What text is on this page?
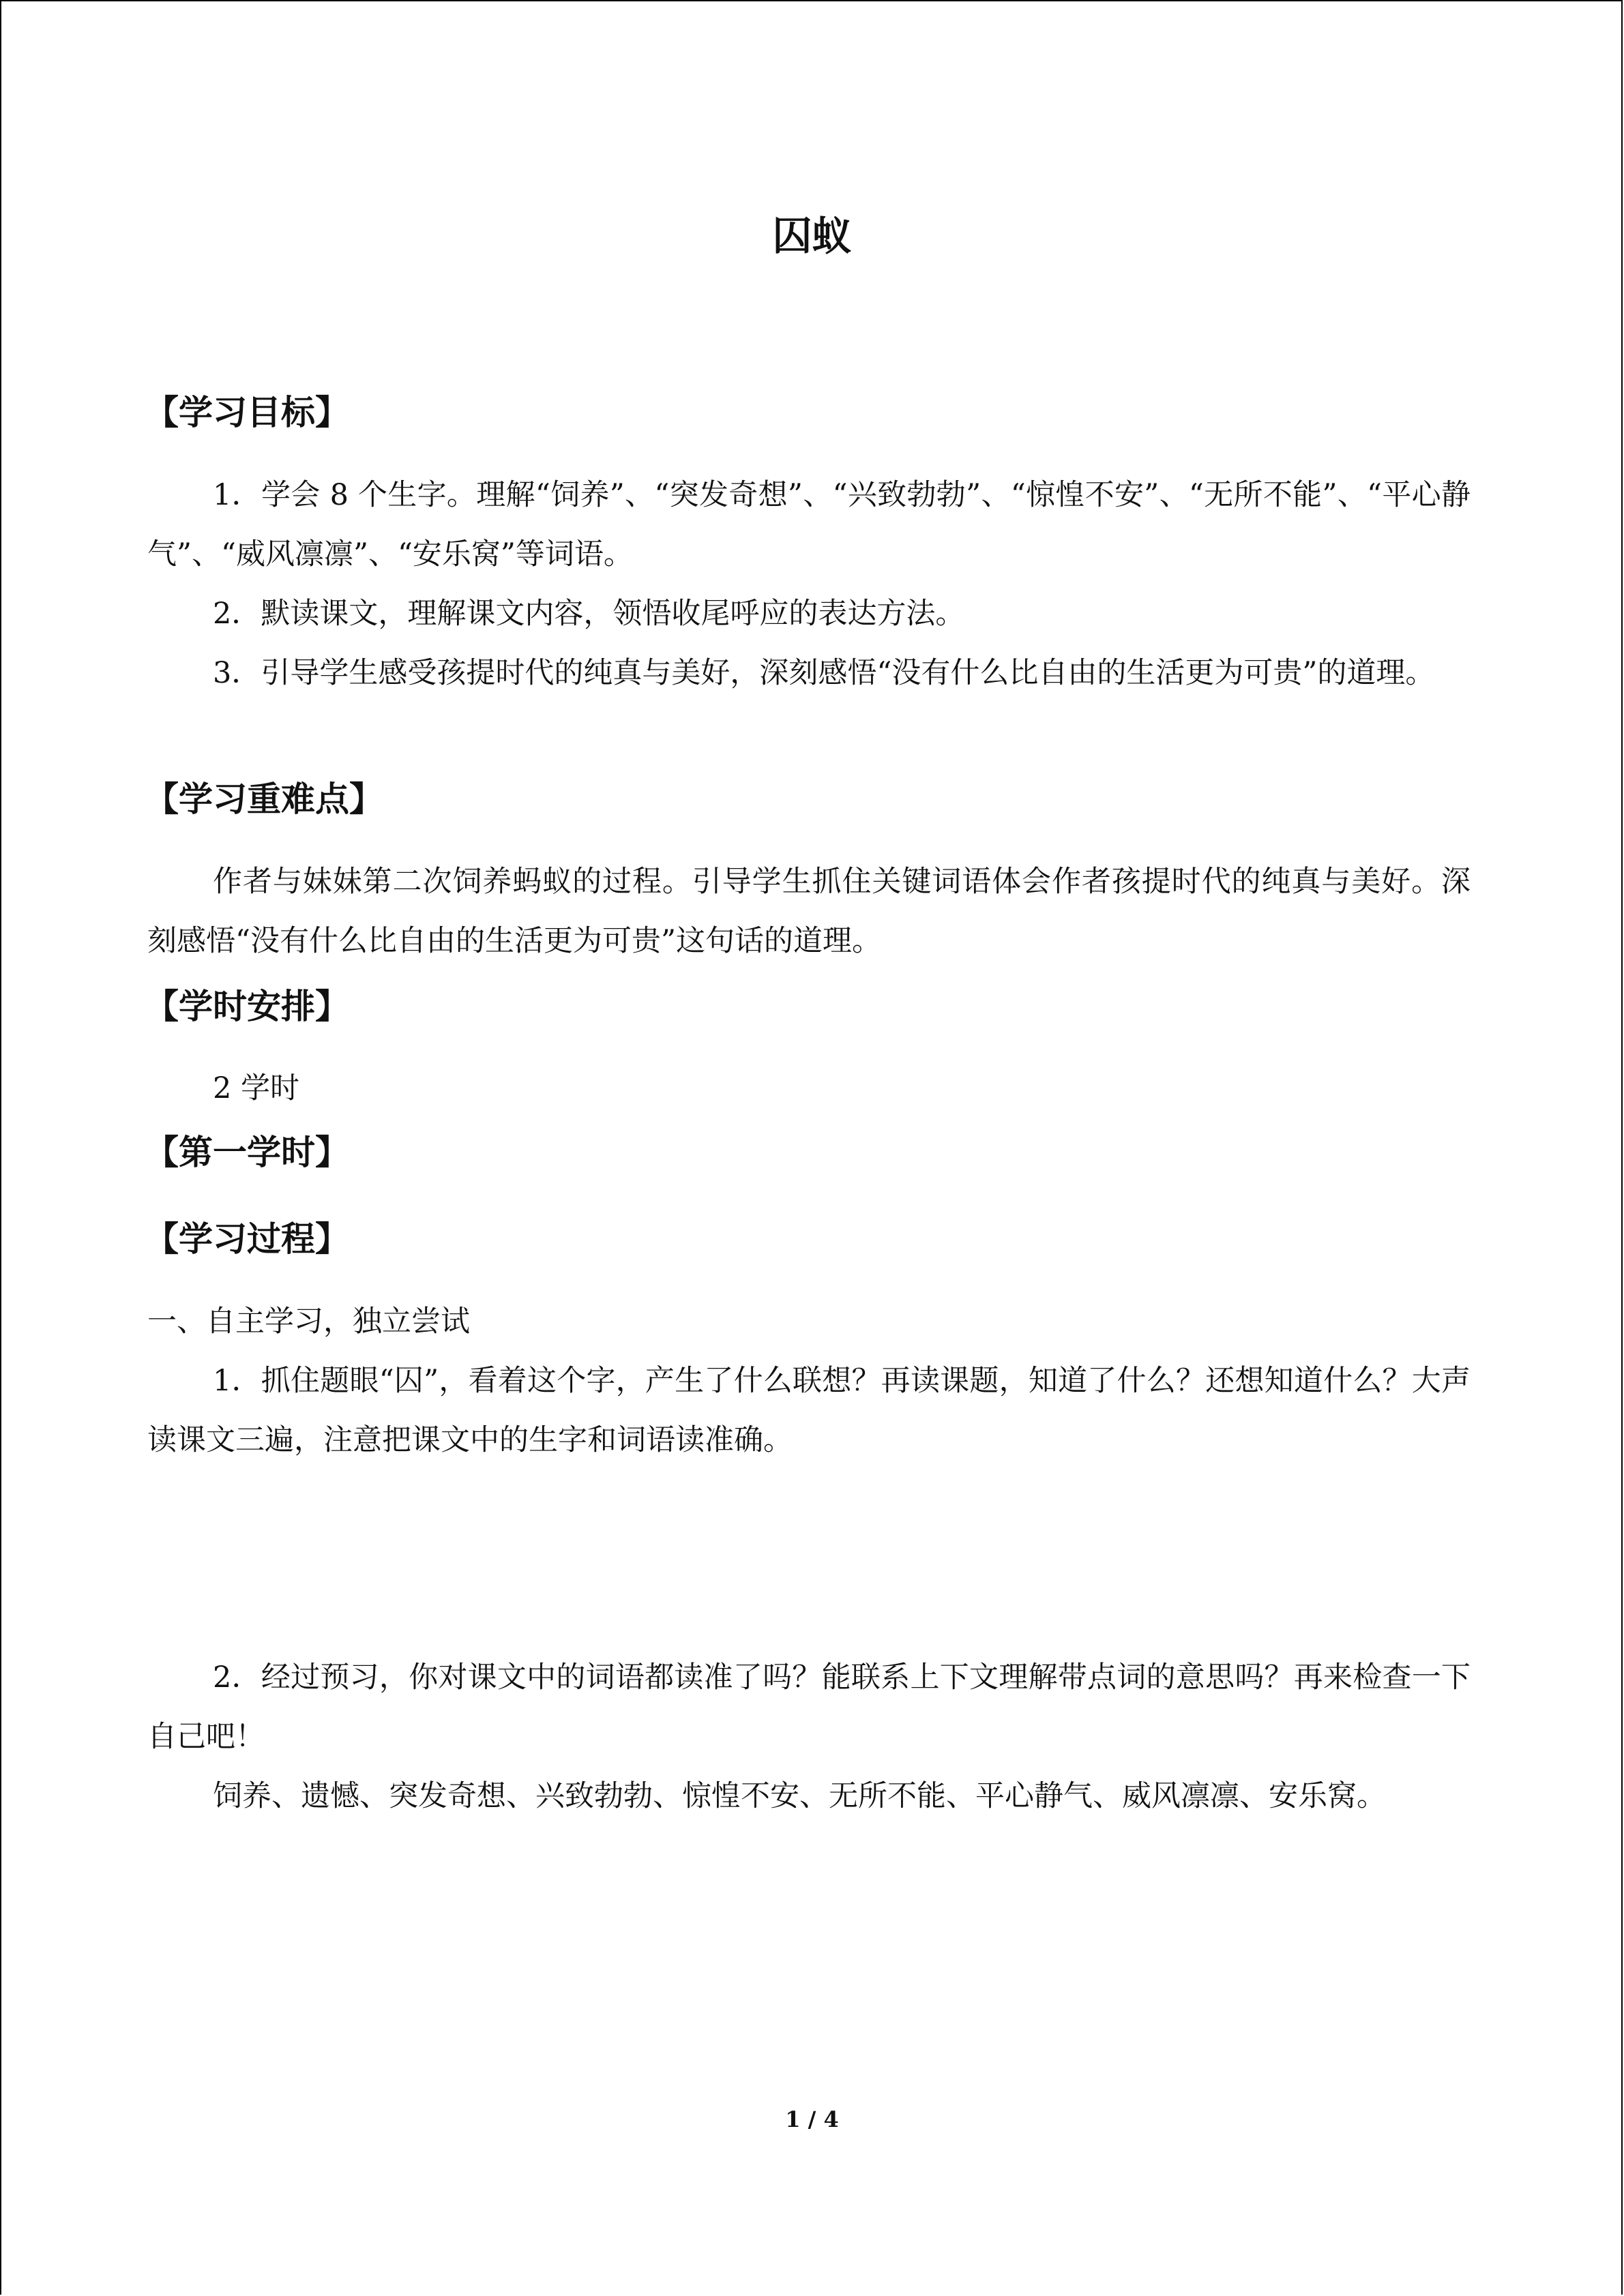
囚蚁
【学习目标】

1．学会 8 个生字。理解“饲养”、“突发奇想”、“兴致勃勃”、“惊惶不安”、“无所不能”、“平心静气”、“威风凛凛”、“安乐窝”等词语。

2．默读课文，理解课文内容，领悟收尾呼应的表达方法。

3．引导学生感受孩提时代的纯真与美好，深刻感悟“没有什么比自由的生活更为可贵”的道理。

【学习重难点】

作者与妹妹第二次饲养蚂蚁的过程。引导学生抓住关键词语体会作者孩提时代的纯真与美好。深刻感悟“没有什么比自由的生活更为可贵”这句话的道理。

【学时安排】

2 学时

【第一学时】
【学习过程】

一、自主学习，独立尝试

1．抓住题眼“囚”，看着这个字，产生了什么联想？再读课题，知道了什么？还想知道什么？大声读课文三遍，注意把课文中的生字和词语读准确。

2．经过预习，你对课文中的词语都读准了吗？能联系上下文理解带点词的意思吗？再来检查一下自己吧！

饲养、遗憾、突发奇想、兴致勃勃、惊惶不安、无所不能、平心静气、威风凛凛、安乐窝。

1 / 4
